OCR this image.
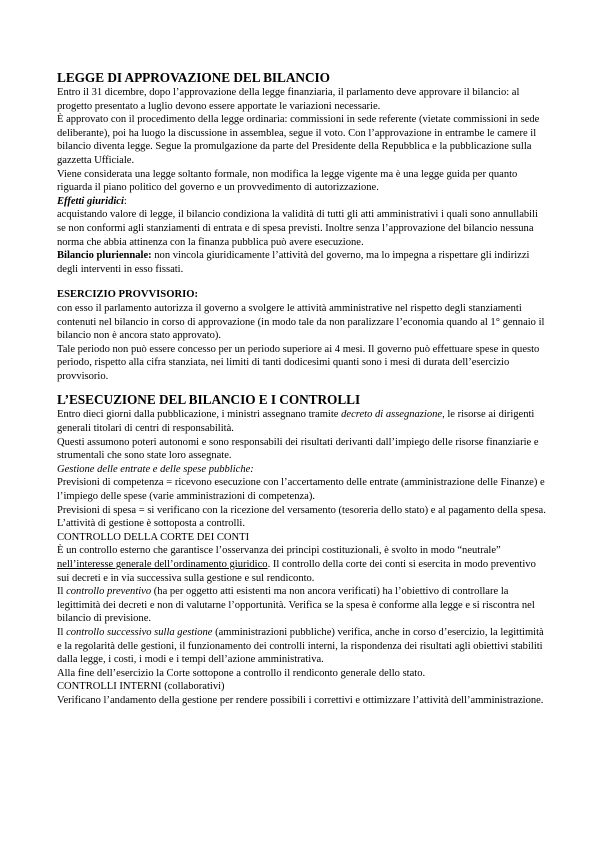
LEGGE DI APPROVAZIONE DEL BILANCIO

Entro il 31 dicembre, dopo l’approvazione della legge finanziaria, il parlamento deve approvare il bilancio: al progetto presentato a luglio devono essere apportate le variazioni necessarie.

È approvato con il procedimento della legge ordinaria: commissioni in sede referente (vietate commissioni in sede deliberante), poi ha luogo la discussione in assemblea, segue il voto. Con l’approvazione in entrambe le camere il bilancio diventa legge. Segue la promulgazione da parte del Presidente della Repubblica e la pubblicazione sulla gazzetta Ufficiale.

Viene considerata una legge soltanto formale, non modifica la legge vigente ma è una legge guida per quanto riguarda il piano politico del governo e un provvedimento di autorizzazione.

Effetti giuridici:

acquistando valore di legge, il bilancio condiziona la validità di tutti gli atti amministrativi i quali sono annullabili se non conformi agli stanziamenti di entrata e di spesa previsti. Inoltre senza l’approvazione del bilancio nessuna norma che abbia attinenza con la finanza pubblica può avere esecuzione.

Bilancio pluriennale: non vincola giuridicamente l’attività del governo, ma lo impegna a rispettare gli indirizzi degli interventi in esso fissati.

ESERCIZIO PROVVISORIO:

con esso il parlamento autorizza il governo a svolgere le attività amministrative nel rispetto degli stanziamenti contenuti nel bilancio in corso di approvazione (in modo tale da non paralizzare l’economia quando al 1° gennaio il bilancio non è ancora stato approvato).

Tale periodo non può essere concesso per un periodo superiore ai 4 mesi. Il governo può effettuare spese in questo periodo, rispetto alla cifra stanziata, nei limiti di tanti dodicesimi quanti sono i mesi di durata dell’esercizio provvisorio.

L’ESECUZIONE DEL BILANCIO E I CONTROLLI

Entro dieci giorni dalla pubblicazione, i ministri assegnano tramite decreto di assegnazione, le risorse ai dirigenti generali titolari di centri di responsabilità.

Questi assumono poteri autonomi e sono responsabili dei risultati derivanti dall’impiego delle risorse finanziarie e strumentali che sono state loro assegnate.

Gestione delle entrate e delle spese pubbliche:

Previsioni di competenza = ricevono esecuzione con l’accertamento delle entrate (amministrazione delle Finanze) e l’impiego delle spese (varie amministrazioni di competenza).

Previsioni di spesa = si verificano con la ricezione del versamento (tesoreria dello stato) e al pagamento della spesa.

L’attività di gestione è sottoposta a controlli.

CONTROLLO DELLA CORTE DEI CONTI

È un controllo esterno che garantisce l’osservanza dei principi costituzionali, è svolto in modo “neutrale” nell’interesse generale dell’ordinamento giuridico. Il controllo della corte dei conti si esercita in modo preventivo sui decreti e in via successiva sulla gestione e sul rendiconto.

Il controllo preventivo (ha per oggetto atti esistenti ma non ancora verificati) ha l’obiettivo di controllare la legittimità dei decreti e non di valutarne l’opportunità. Verifica se la spesa è conforme alla legge e si riscontra nel bilancio di previsione.

Il controllo successivo sulla gestione (amministrazioni pubbliche) verifica, anche in corso d’esercizio, la legittimità e la regolarità delle gestioni, il funzionamento dei controlli interni, la rispondenza dei risultati agli obiettivi stabiliti dalla legge, i costi, i modi e i tempi dell’azione amministrativa.

Alla fine dell’esercizio la Corte sottopone a controllo il rendiconto generale dello stato.

CONTROLLI INTERNI (collaborativi)

Verificano l’andamento della gestione per rendere possibili i correttivi e ottimizzare l’attività dell’amministrazione.
